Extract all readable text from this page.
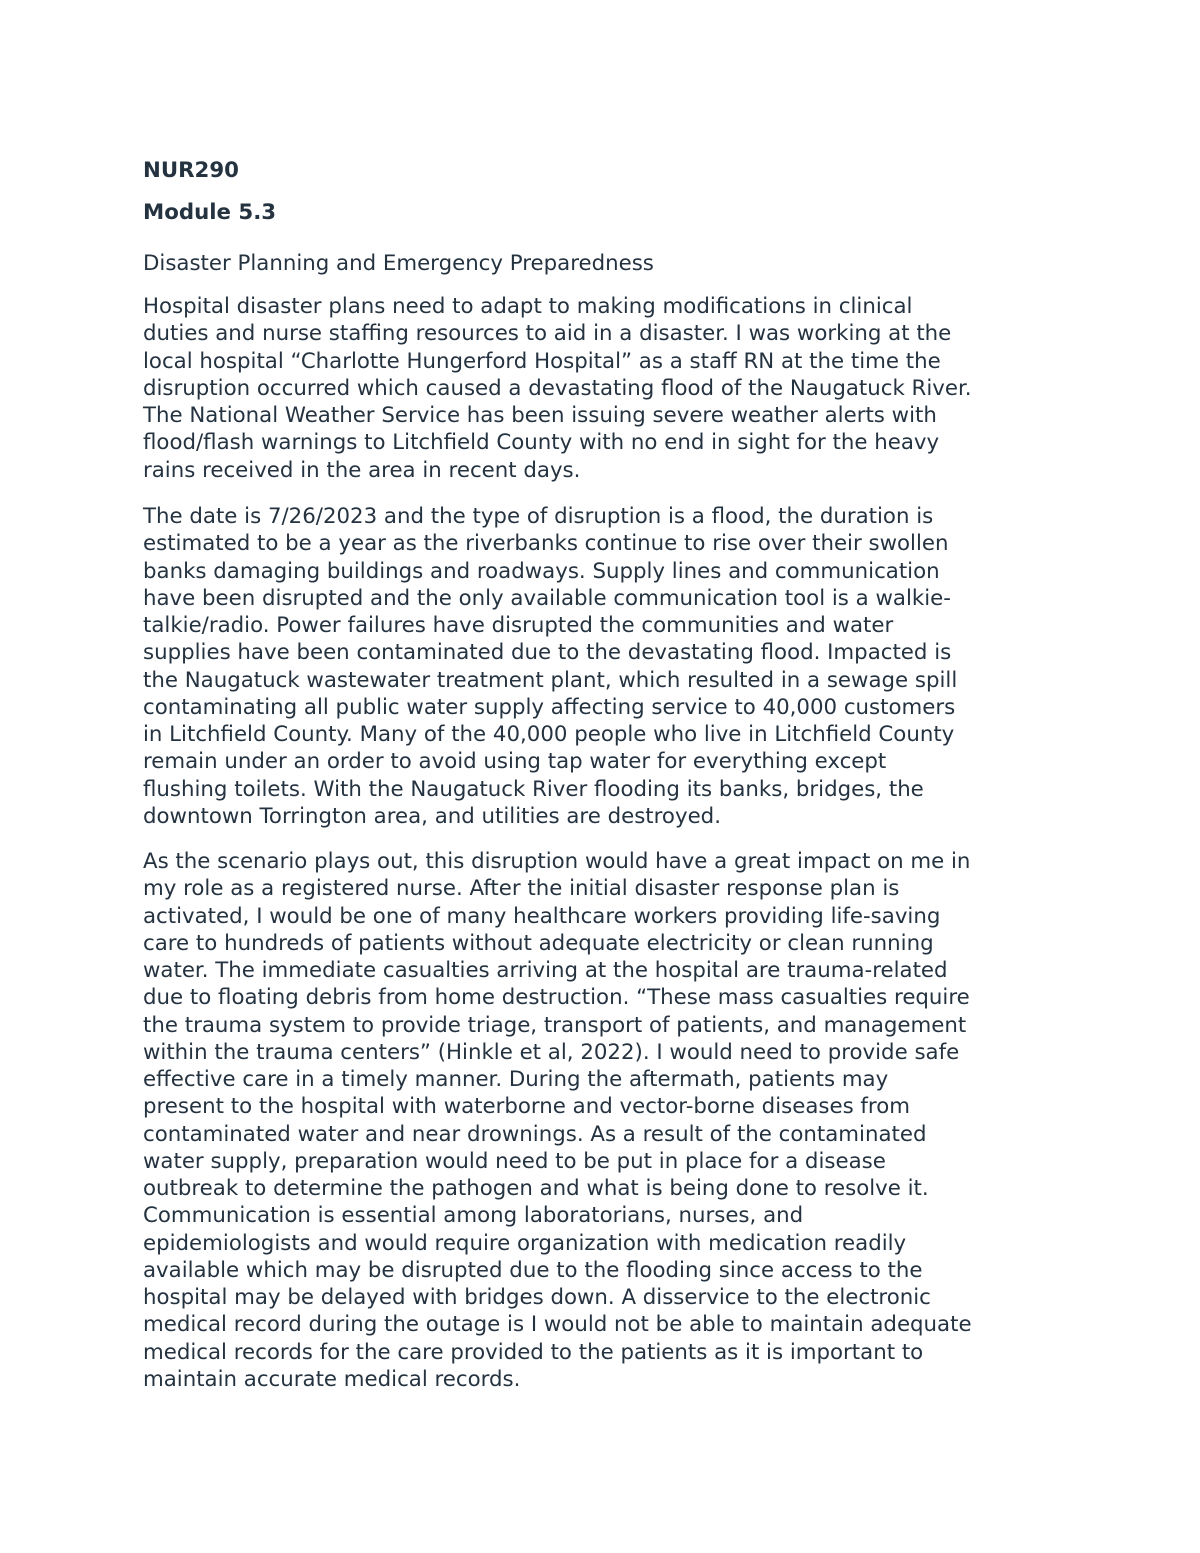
NUR290
Module 5.3
Disaster Planning and Emergency Preparedness
Hospital disaster plans need to adapt to making modifications in clinical
duties and nurse staffing resources to aid in a disaster. I was working at the
local hospital “Charlotte Hungerford Hospital” as a staff RN at the time the
disruption occurred which caused a devastating flood of the Naugatuck River.
The National Weather Service has been issuing severe weather alerts with
flood/flash warnings to Litchfield County with no end in sight for the heavy
rains received in the area in recent days.
The date is 7/26/2023 and the type of disruption is a flood, the duration is
estimated to be a year as the riverbanks continue to rise over their swollen
banks damaging buildings and roadways. Supply lines and communication
have been disrupted and the only available communication tool is a walkie-
talkie/radio. Power failures have disrupted the communities and water
supplies have been contaminated due to the devastating flood. Impacted is
the Naugatuck wastewater treatment plant, which resulted in a sewage spill
contaminating all public water supply affecting service to 40,000 customers
in Litchfield County. Many of the 40,000 people who live in Litchfield County
remain under an order to avoid using tap water for everything except
flushing toilets. With the Naugatuck River flooding its banks, bridges, the
downtown Torrington area, and utilities are destroyed.
As the scenario plays out, this disruption would have a great impact on me in
my role as a registered nurse. After the initial disaster response plan is
activated, I would be one of many healthcare workers providing life-saving
care to hundreds of patients without adequate electricity or clean running
water. The immediate casualties arriving at the hospital are trauma-related
due to floating debris from home destruction. “These mass casualties require
the trauma system to provide triage, transport of patients, and management
within the trauma centers” (Hinkle et al, 2022). I would need to provide safe
effective care in a timely manner. During the aftermath, patients may
present to the hospital with waterborne and vector-borne diseases from
contaminated water and near drownings. As a result of the contaminated
water supply, preparation would need to be put in place for a disease
outbreak to determine the pathogen and what is being done to resolve it.
Communication is essential among laboratorians, nurses, and
epidemiologists and would require organization with medication readily
available which may be disrupted due to the flooding since access to the
hospital may be delayed with bridges down. A disservice to the electronic
medical record during the outage is I would not be able to maintain adequate
medical records for the care provided to the patients as it is important to
maintain accurate medical records.
